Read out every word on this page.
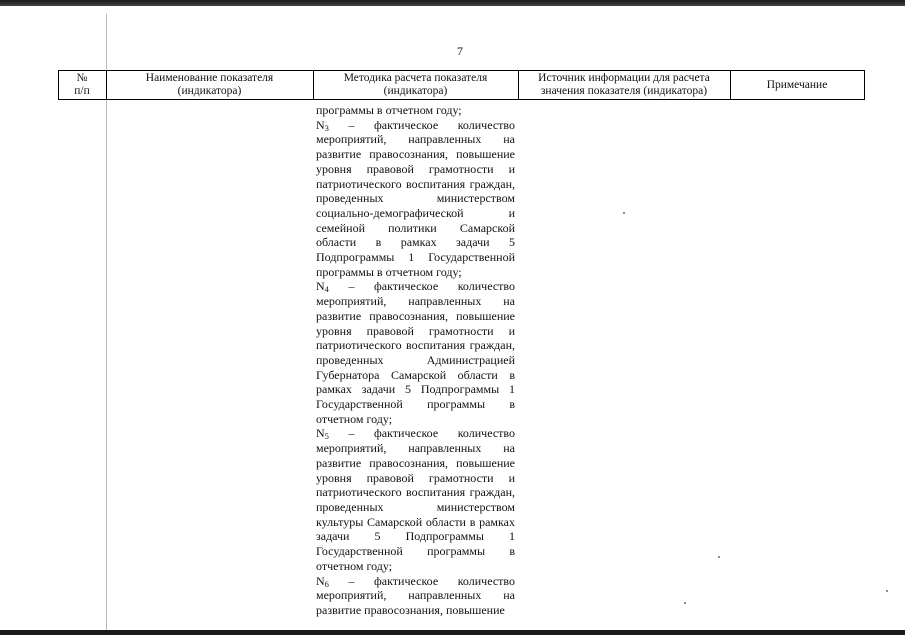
7
№
п/п
Наименование показателя
(индикатора)
Методика расчета показателя
(индикатора)
Источник информации для расчета
значения показателя (индикатора)
Примечание
программы в отчетном году;
$N_3$ – фактическое количество мероприятий, направленных на развитие правосознания, повышение уровня правовой грамотности и патриотического воспитания граждан, проведенных министерством социально-демографической и семейной политики Самарской области в рамках задачи 5 Подпрограммы 1 Государственной программы в отчетном году;
$N_4$ – фактическое количество мероприятий, направленных на развитие правосознания, повышение уровня правовой грамотности и патриотического воспитания граждан, проведенных Администрацией Губернатора Самарской области в рамках задачи 5 Подпрограммы 1 Государственной программы в отчетном году;
$N_5$ – фактическое количество мероприятий, направленных на развитие правосознания, повышение уровня правовой грамотности и патриотического воспитания граждан, проведенных министерством культуры Самарской области в рамках задачи 5 Подпрограммы 1 Государственной программы в отчетном году;
$N_6$ – фактическое количество мероприятий, направленных на развитие правосознания, повышение
